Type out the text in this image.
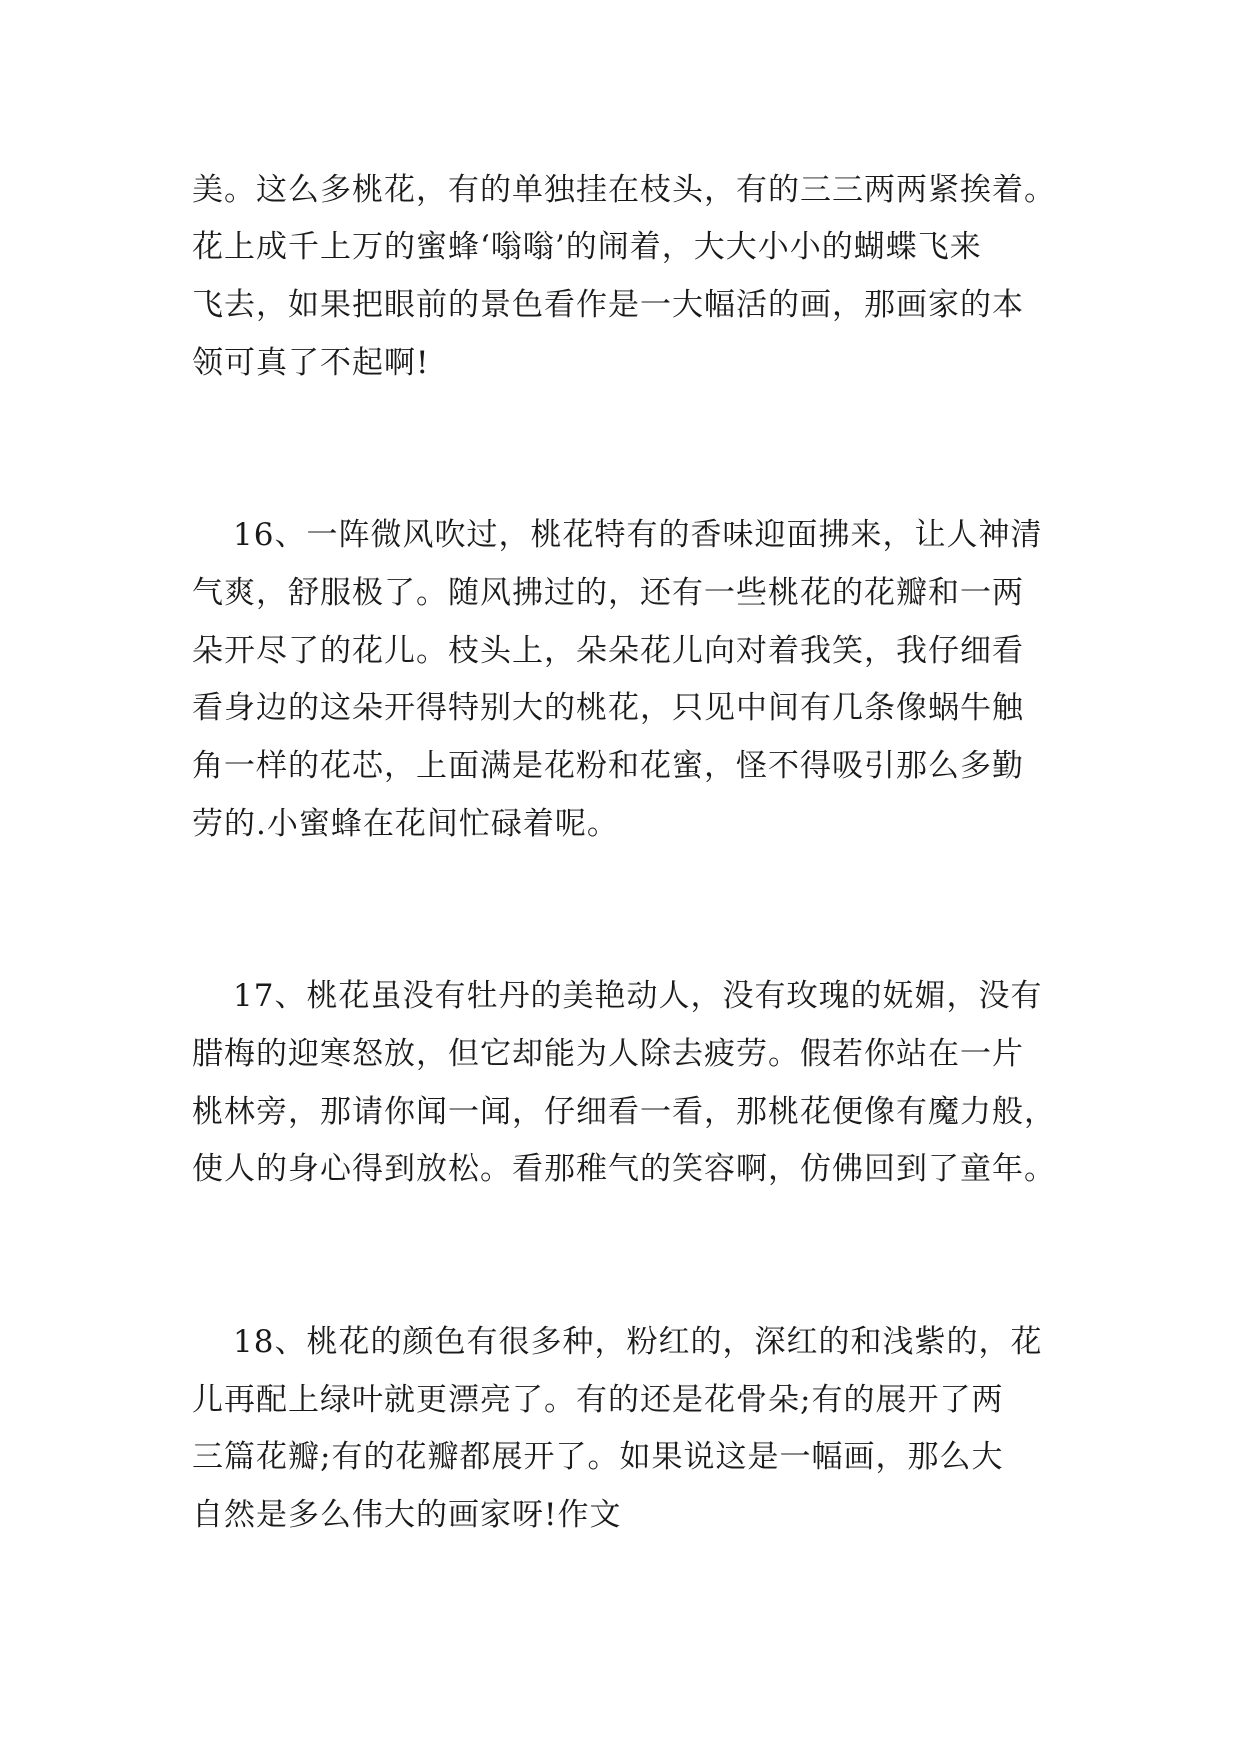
美。这么多桃花，有的单独挂在枝头，有的三三两两紧挨着。
花上成千上万的蜜蜂‘嗡嗡’的闹着，大大小小的蝴蝶飞来
飞去，如果把眼前的景色看作是一大幅活的画，那画家的本
领可真了不起啊!
16、一阵微风吹过，桃花特有的香味迎面拂来，让人神清
气爽，舒服极了。随风拂过的，还有一些桃花的花瓣和一两
朵开尽了的花儿。枝头上，朵朵花儿向对着我笑，我仔细看
看身边的这朵开得特别大的桃花，只见中间有几条像蜗牛触
角一样的花芯，上面满是花粉和花蜜，怪不得吸引那么多勤
劳的.小蜜蜂在花间忙碌着呢。
17、桃花虽没有牡丹的美艳动人，没有玫瑰的妩媚，没有
腊梅的迎寒怒放，但它却能为人除去疲劳。假若你站在一片
桃林旁，那请你闻一闻，仔细看一看，那桃花便像有魔力般，
使人的身心得到放松。看那稚气的笑容啊，仿佛回到了童年。
18、桃花的颜色有很多种，粉红的，深红的和浅紫的，花
儿再配上绿叶就更漂亮了。有的还是花骨朵;有的展开了两
三篇花瓣;有的花瓣都展开了。如果说这是一幅画，那么大
自然是多么伟大的画家呀!作文
